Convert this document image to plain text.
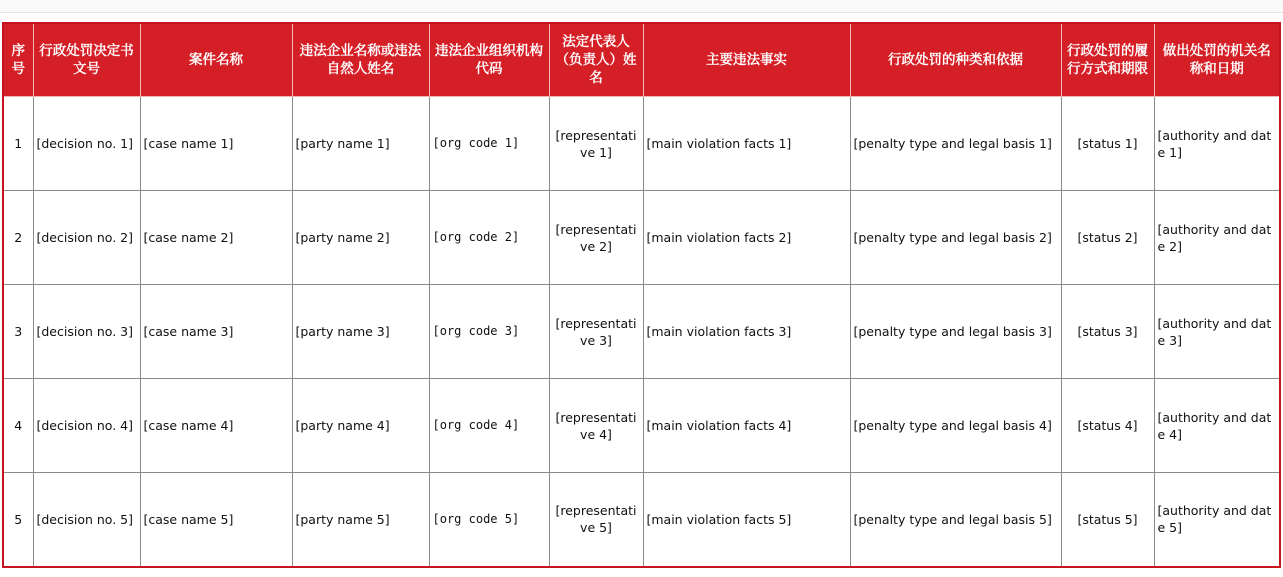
序号	行政处罚决定书文号	案件名称	违法企业名称或违法自然人姓名	违法企业组织机构代码	法定代表人（负责人）姓名	主要违法事实	行政处罚的种类和依据	行政处罚的履行方式和期限	做出处罚的机关名称和日期
1	[decision no. 1]	[case name 1]	[party name 1]	[org code 1]	[representative 1]	[main violation facts 1]	[penalty type and legal basis 1]	[status 1]	[authority and date 1]
2	[decision no. 2]	[case name 2]	[party name 2]	[org code 2]	[representative 2]	[main violation facts 2]	[penalty type and legal basis 2]	[status 2]	[authority and date 2]
3	[decision no. 3]	[case name 3]	[party name 3]	[org code 3]	[representative 3]	[main violation facts 3]	[penalty type and legal basis 3]	[status 3]	[authority and date 3]
4	[decision no. 4]	[case name 4]	[party name 4]	[org code 4]	[representative 4]	[main violation facts 4]	[penalty type and legal basis 4]	[status 4]	[authority and date 4]
5	[decision no. 5]	[case name 5]	[party name 5]	[org code 5]	[representative 5]	[main violation facts 5]	[penalty type and legal basis 5]	[status 5]	[authority and date 5]
